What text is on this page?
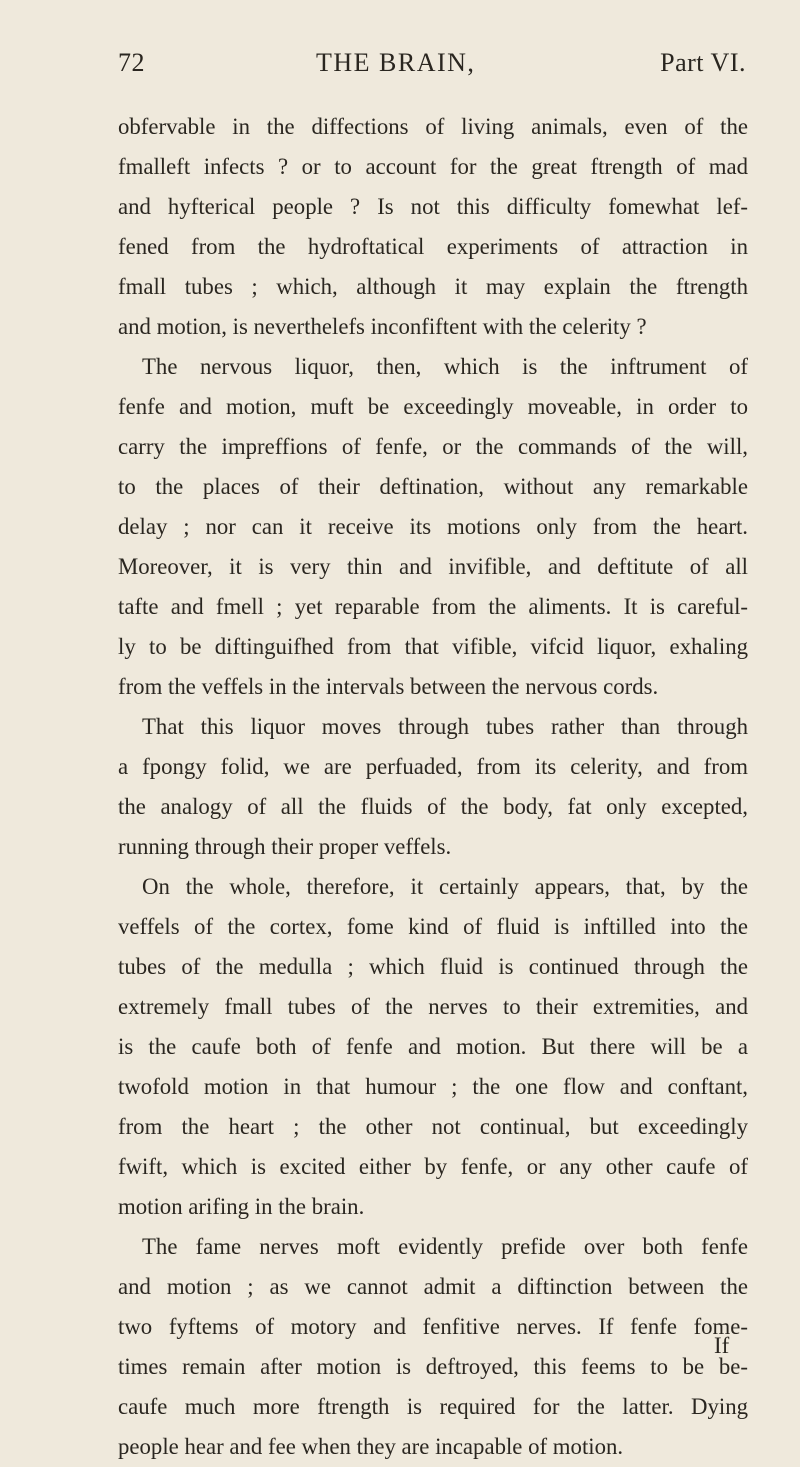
72	THE BRAIN,	Part VI.
obfervable in the diffections of living animals, even of the
fmalleft infects ? or to account for the great ftrength of mad
and hyfterical people ? Is not this difficulty fomewhat lef-
fened from the hydroftatical experiments of attraction in
fmall tubes ; which, although it may explain the ftrength
and motion, is neverthelefs inconfiftent with the celerity ?
The nervous liquor, then, which is the inftrument of
fenfe and motion, muft be exceedingly moveable, in order to
carry the impreffions of fenfe, or the commands of the will,
to the places of their deftination, without any remarkable
delay ; nor can it receive its motions only from the heart.
Moreover, it is very thin and invifible, and deftitute of all
tafte and fmell ; yet reparable from the aliments. It is careful-
ly to be diftinguifhed from that vifible, vifcid liquor, exhaling
from the veffels in the intervals between the nervous cords.
That this liquor moves through tubes rather than through
a fpongy folid, we are perfuaded, from its celerity, and from
the analogy of all the fluids of the body, fat only excepted,
running through their proper veffels.
On the whole, therefore, it certainly appears, that, by the
veffels of the cortex, fome kind of fluid is inftilled into the
tubes of the medulla ; which fluid is continued through the
extremely fmall tubes of the nerves to their extremities, and
is the caufe both of fenfe and motion. But there will be a
twofold motion in that humour ; the one flow and conftant,
from the heart ; the other not continual, but exceedingly
fwift, which is excited either by fenfe, or any other caufe of
motion arifing in the brain.
The fame nerves moft evidently prefide over both fenfe
and motion ; as we cannot admit a diftinction between the
two fyftems of motory and fenfitive nerves. If fenfe fome-
times remain after motion is deftroyed, this feems to be be-
caufe much more ftrength is required for the latter. Dying
people hear and fee when they are incapable of motion.
If
